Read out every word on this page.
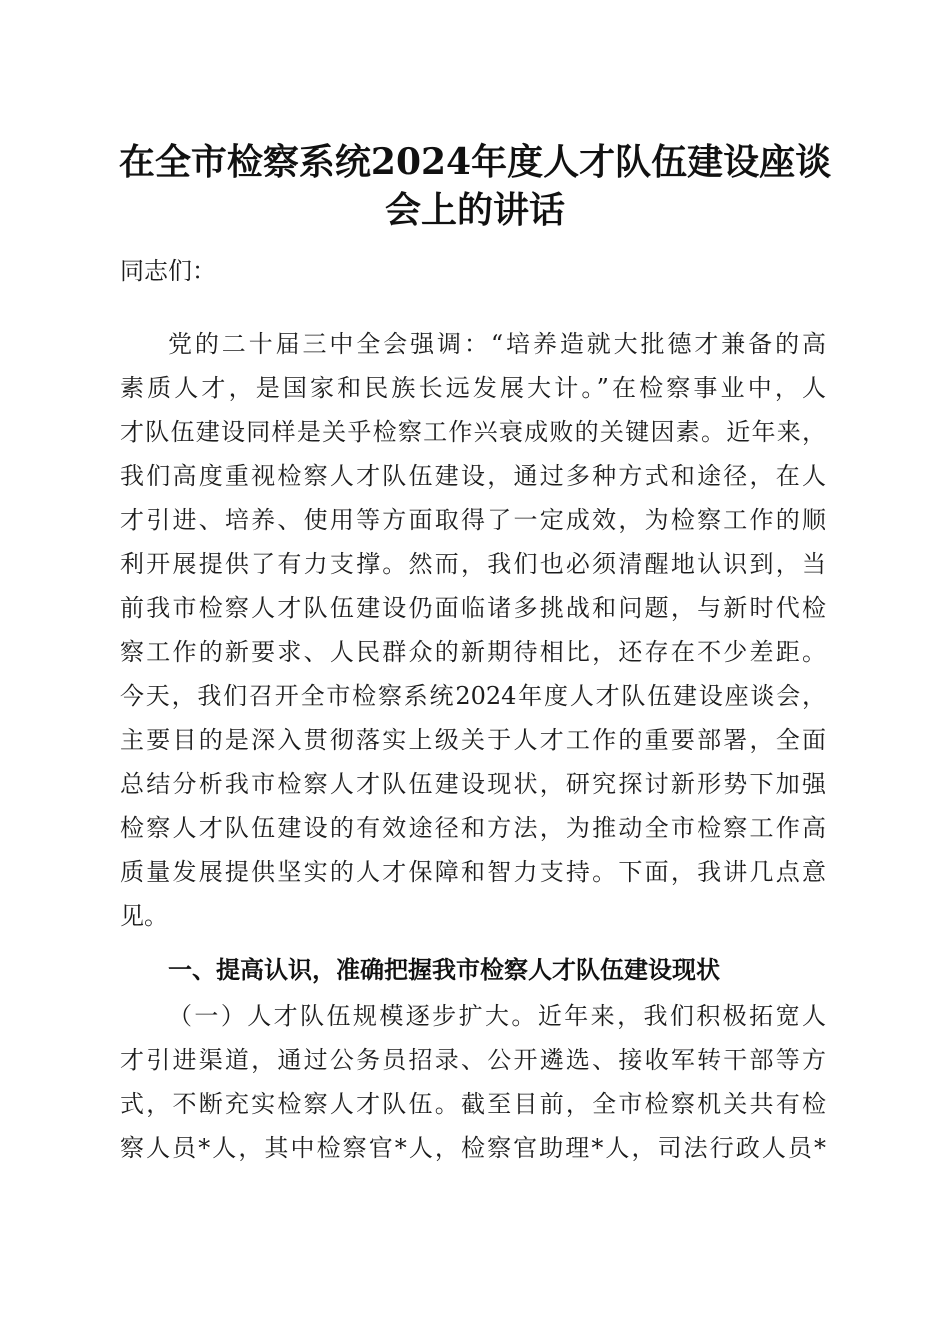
在全市检察系统2024年度人才队伍建设座谈
会上的讲话
同志们：
党的二十届三中全会强调：“培养造就大批德才兼备的高
素质人才，是国家和民族长远发展大计。”在检察事业中，人
才队伍建设同样是关乎检察工作兴衰成败的关键因素。近年来，
我们高度重视检察人才队伍建设，通过多种方式和途径，在人
才引进、培养、使用等方面取得了一定成效，为检察工作的顺
利开展提供了有力支撑。然而，我们也必须清醒地认识到，当
前我市检察人才队伍建设仍面临诸多挑战和问题，与新时代检
察工作的新要求、人民群众的新期待相比，还存在不少差距。
今天，我们召开全市检察系统2024年度人才队伍建设座谈会，
主要目的是深入贯彻落实上级关于人才工作的重要部署，全面
总结分析我市检察人才队伍建设现状，研究探讨新形势下加强
检察人才队伍建设的有效途径和方法，为推动全市检察工作高
质量发展提供坚实的人才保障和智力支持。下面，我讲几点意
见。
一、提高认识，准确把握我市检察人才队伍建设现状
（一）人才队伍规模逐步扩大。近年来，我们积极拓宽人
才引进渠道，通过公务员招录、公开遴选、接收军转干部等方
式，不断充实检察人才队伍。截至目前，全市检察机关共有检
察人员*人，其中检察官*人，检察官助理*人，司法行政人员*
